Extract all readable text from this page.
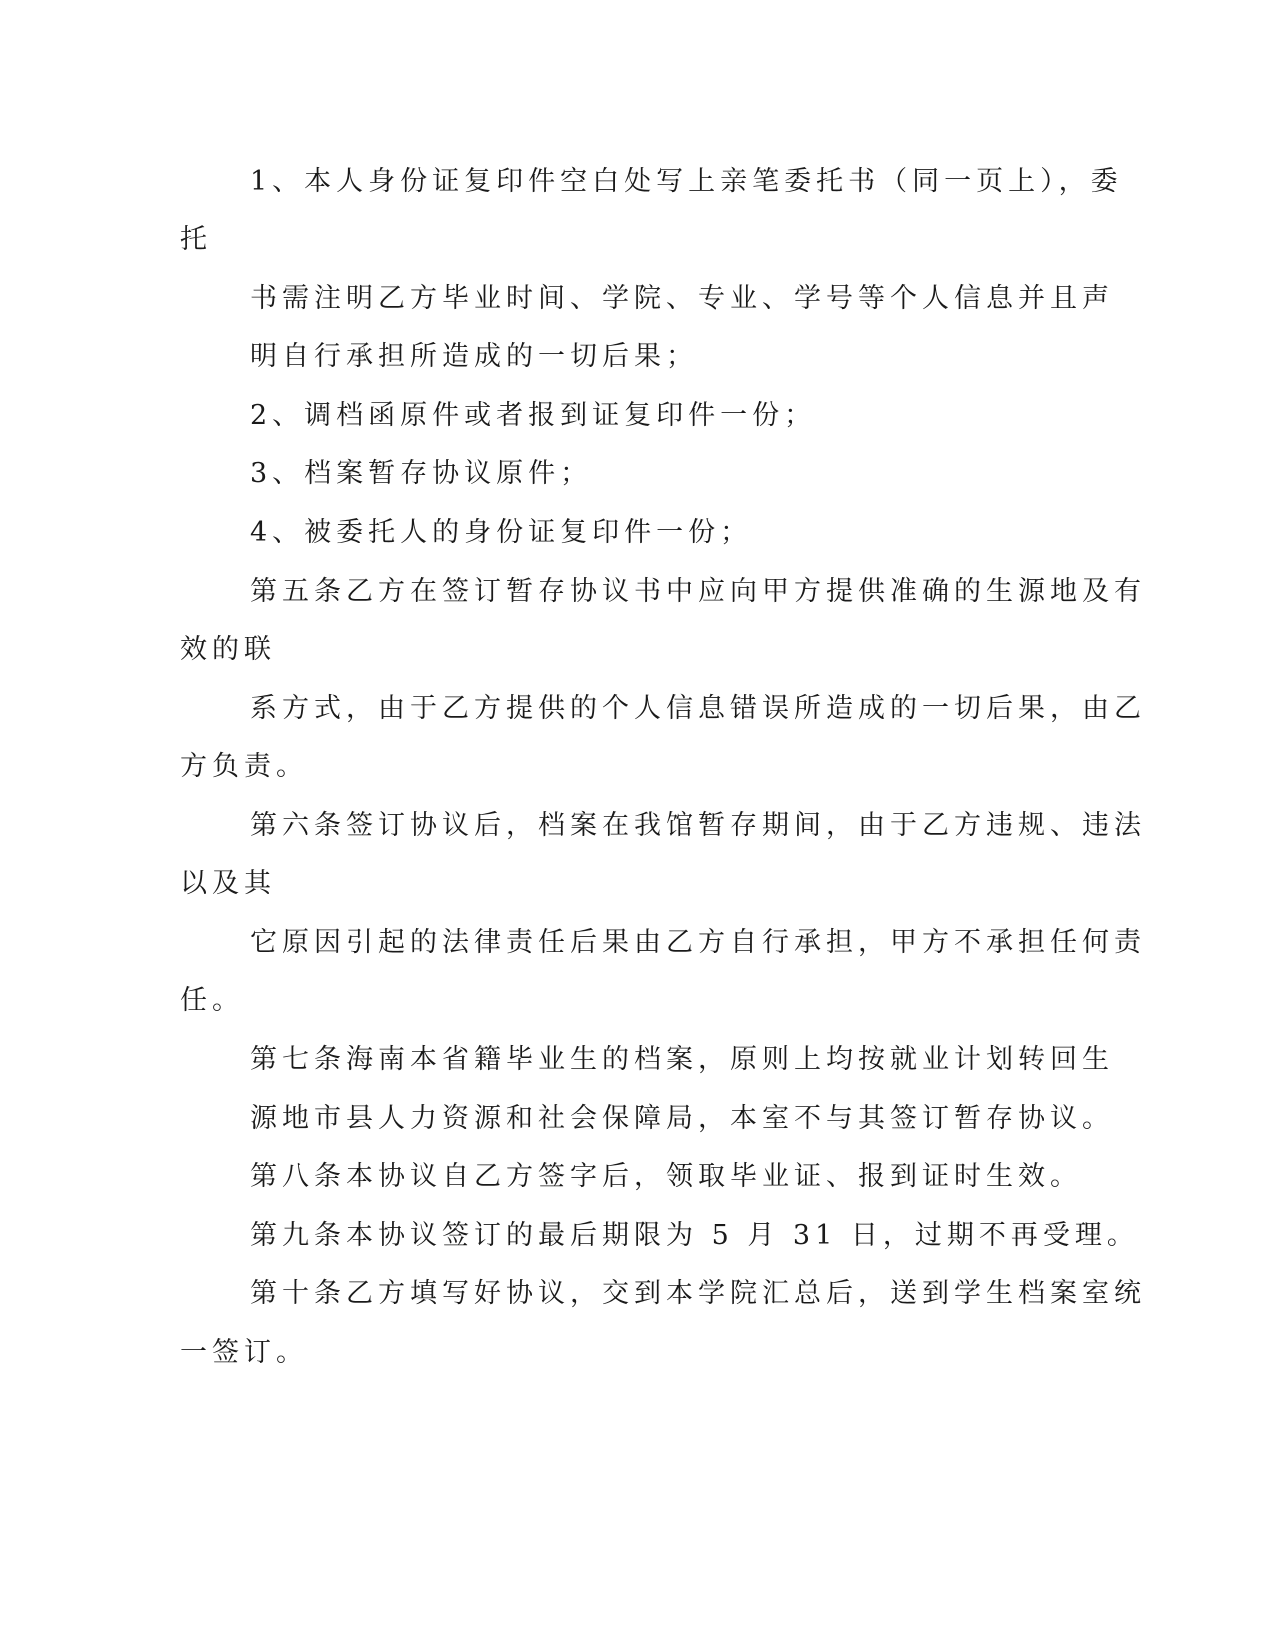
1、本人身份证复印件空白处写上亲笔委托书（同一页上），委
托
书需注明乙方毕业时间、学院、专业、学号等个人信息并且声
明自行承担所造成的一切后果；
2、调档函原件或者报到证复印件一份；
3、档案暂存协议原件；
4、被委托人的身份证复印件一份；
第五条乙方在签订暂存协议书中应向甲方提供准确的生源地及有
效的联
系方式，由于乙方提供的个人信息错误所造成的一切后果，由乙
方负责。
第六条签订协议后，档案在我馆暂存期间，由于乙方违规、违法
以及其
它原因引起的法律责任后果由乙方自行承担，甲方不承担任何责
任。
第七条海南本省籍毕业生的档案，原则上均按就业计划转回生
源地市县人力资源和社会保障局，本室不与其签订暂存协议。
第八条本协议自乙方签字后，领取毕业证、报到证时生效。
第九条本协议签订的最后期限为 5 月 31 日，过期不再受理。
第十条乙方填写好协议，交到本学院汇总后，送到学生档案室统
一签订。
